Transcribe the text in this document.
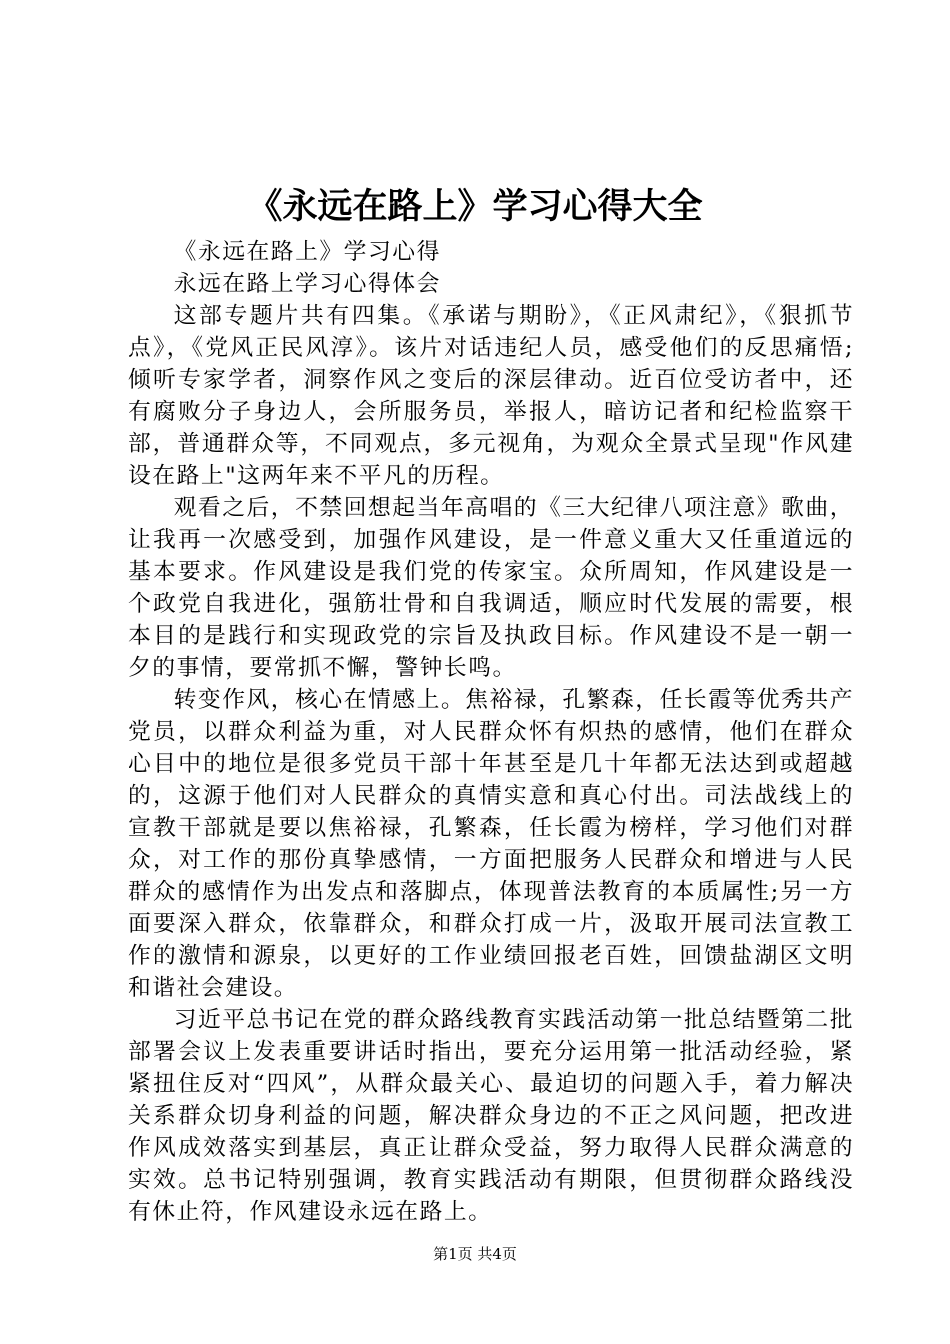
《永远在路上》学习心得大全

《永远在路上》学习心得

永远在路上学习心得体会

这部专题片共有四集。《承诺与期盼》，《正风肃纪》，《狠抓节点》，《党风正民风淳》。该片对话违纪人员，感受他们的反思痛悟;倾听专家学者，洞察作风之变后的深层律动。近百位受访者中，还有腐败分子身边人，会所服务员，举报人，暗访记者和纪检监察干部，普通群众等，不同观点，多元视角，为观众全景式呈现"作风建设在路上"这两年来不平凡的历程。

观看之后，不禁回想起当年高唱的《三大纪律八项注意》歌曲，让我再一次感受到，加强作风建设，是一件意义重大又任重道远的基本要求。作风建设是我们党的传家宝。众所周知，作风建设是一个政党自我进化，强筋壮骨和自我调适，顺应时代发展的需要，根本目的是践行和实现政党的宗旨及执政目标。作风建设不是一朝一夕的事情，要常抓不懈，警钟长鸣。

转变作风，核心在情感上。焦裕禄，孔繁森，任长霞等优秀共产党员，以群众利益为重，对人民群众怀有炽热的感情，他们在群众心目中的地位是很多党员干部十年甚至是几十年都无法达到或超越的，这源于他们对人民群众的真情实意和真心付出。司法战线上的宣教干部就是要以焦裕禄，孔繁森，任长霞为榜样，学习他们对群众，对工作的那份真挚感情，一方面把服务人民群众和增进与人民群众的感情作为出发点和落脚点，体现普法教育的本质属性;另一方面要深入群众，依靠群众，和群众打成一片，汲取开展司法宣教工作的激情和源泉，以更好的工作业绩回报老百姓，回馈盐湖区文明和谐社会建设。

习近平总书记在党的群众路线教育实践活动第一批总结暨第二批部署会议上发表重要讲话时指出，要充分运用第一批活动经验，紧紧扭住反对“四风”，从群众最关心、最迫切的问题入手，着力解决关系群众切身利益的问题，解决群众身边的不正之风问题，把改进作风成效落实到基层，真正让群众受益，努力取得人民群众满意的实效。总书记特别强调，教育实践活动有期限，但贯彻群众路线没有休止符，作风建设永远在路上。

第1页 共4页
